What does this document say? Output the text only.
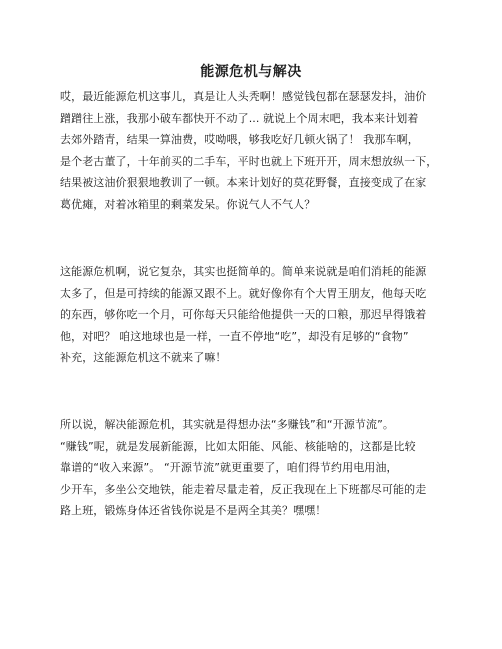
能源危机与解决
哎，最近能源危机这事儿，真是让人头秃啊！感觉钱包都在瑟瑟发抖，油价
蹭蹭往上涨，我那小破车都快开不动了... 就说上个周末吧，我本来计划着
去郊外踏青，结果一算油费，哎呦喂，够我吃好几顿火锅了！ 我那车啊，
是个老古董了，十年前买的二手车，平时也就上下班开开，周末想放纵一下，
结果被这油价狠狠地教训了一顿。本来计划好的莫花野餐，直接变成了在家
葛优瘫，对着冰箱里的剩菜发呆。你说气人不气人？
这能源危机啊，说它复杂，其实也挺简单的。简单来说就是咱们消耗的能源
太多了，但是可持续的能源又跟不上。就好像你有个大胃王朋友，他每天吃
的东西，够你吃一个月，可你每天只能给他提供一天的口粮，那迟早得饿着
他，对吧？ 咱这地球也是一样，一直不停地“吃”，却没有足够的“食物”
补充，这能源危机这不就来了嘛！
所以说，解决能源危机，其实就是得想办法“多赚钱”和“开源节流”。
“赚钱”呢，就是发展新能源，比如太阳能、风能、核能啥的，这都是比较
靠谱的“收入来源”。 “开源节流”就更重要了，咱们得节约用电用油，
少开车，多坐公交地铁，能走着尽量走着，反正我现在上下班都尽可能的走
路上班，锻炼身体还省钱你说是不是两全其美？嘿嘿！
